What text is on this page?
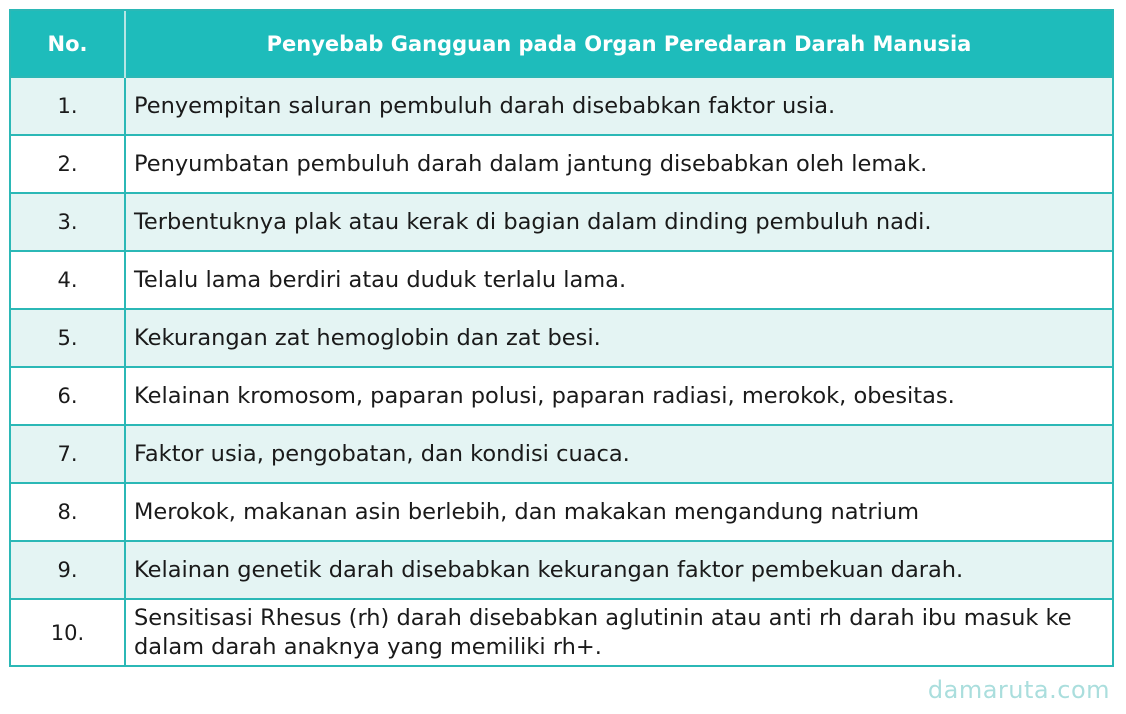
No.	Penyebab Gangguan pada Organ Peredaran Darah Manusia
1.	Penyempitan saluran pembuluh darah disebabkan faktor usia.
2.	Penyumbatan pembuluh darah dalam jantung disebabkan oleh lemak.
3.	Terbentuknya plak atau kerak di bagian dalam dinding pembuluh nadi.
4.	Telalu lama berdiri atau duduk terlalu lama.
5.	Kekurangan zat hemoglobin dan zat besi.
6.	Kelainan kromosom, paparan polusi, paparan radiasi, merokok, obesitas.
7.	Faktor usia, pengobatan, dan kondisi cuaca.
8.	Merokok, makanan asin berlebih, dan makakan mengandung natrium
9.	Kelainan genetik darah disebabkan kekurangan faktor pembekuan darah.
10.	Sensitisasi Rhesus (rh) darah disebabkan aglutinin atau anti rh darah ibu masuk ke dalam darah anaknya yang memiliki rh+.
damaruta.com
